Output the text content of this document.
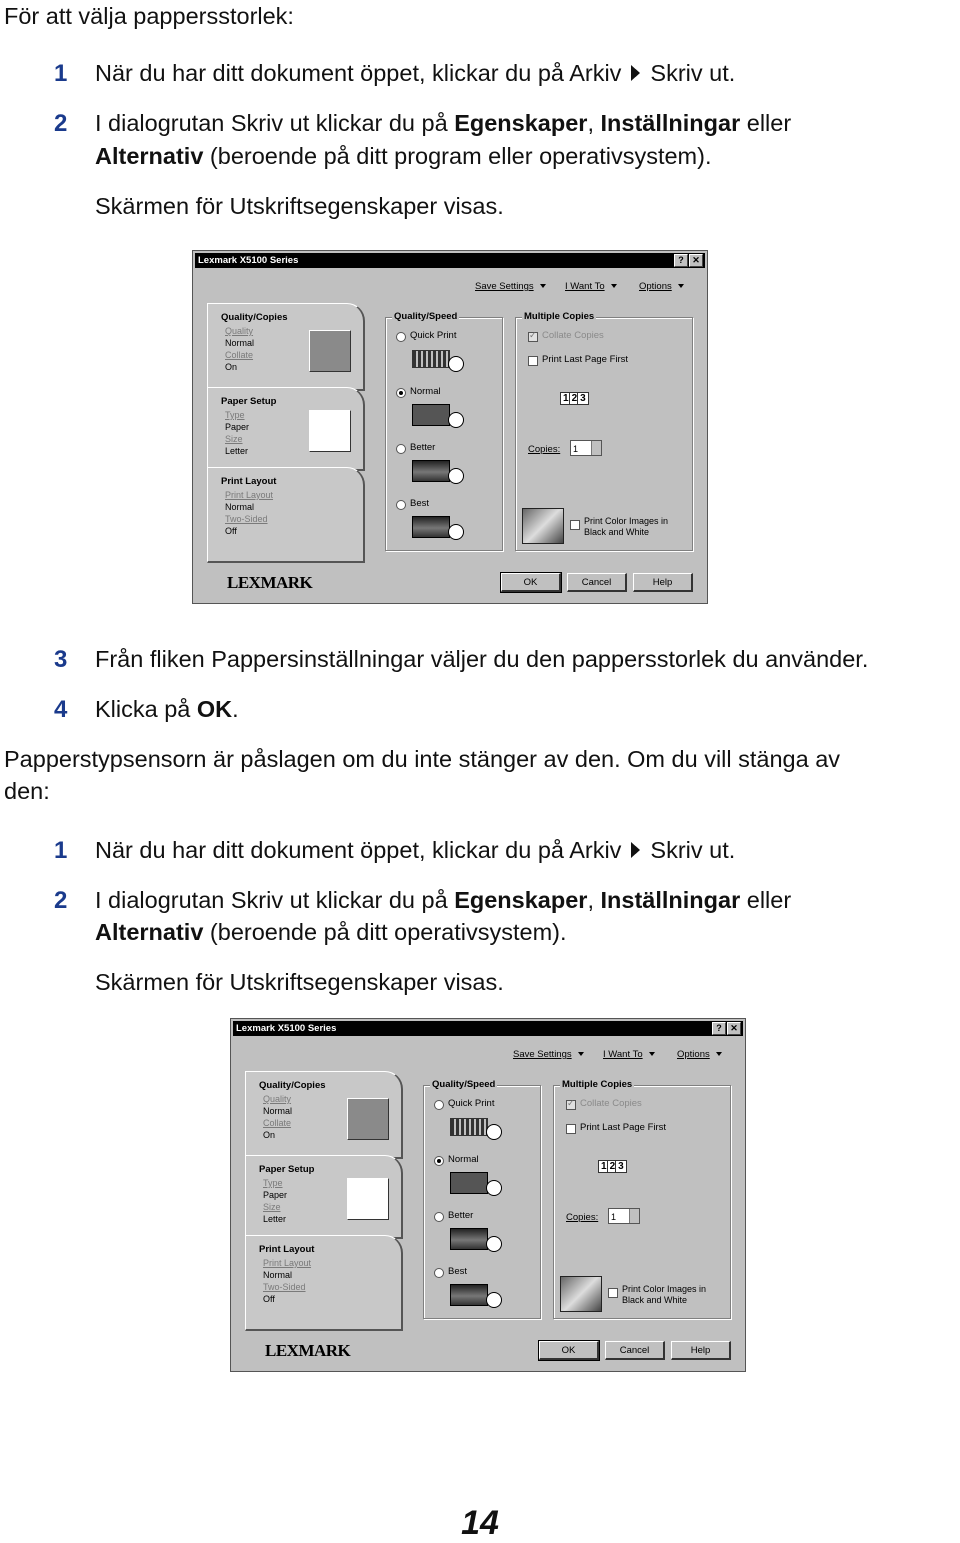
För att välja pappersstorlek:
1 När du har ditt dokument öppet, klickar du på Arkiv Skriv ut.
2 I dialogrutan Skriv ut klickar du på Egenskaper, Inställningar eller
Alternativ (beroende på ditt program eller operativsystem).
Skärmen för Utskriftsegenskaper visas.
Lexmark X5100 Series	? ✕
Save Settings	I Want To	Options
Quality/Copies
Quality
Normal
Collate
On
Paper Setup
Type
Paper
Size
Letter
Print Layout
Print Layout
Normal
Two-Sided
Off
Quality/Speed
Quick Print
Normal
Better
Best
Multiple Copies
✓
Collate Copies
Print Last Page First
1 2 3
Copies:	1
Print Color Images in Black and White
LEXMARK	OK	Cancel	Help
3 Från fliken Pappersinställningar väljer du den pappersstorlek du använder.
4 Klicka på OK.
Papperstypsensorn är påslagen om du inte stänger av den. Om du vill stänga av
den:
1 När du har ditt dokument öppet, klickar du på Arkiv Skriv ut.
2 I dialogrutan Skriv ut klickar du på Egenskaper, Inställningar eller
Alternativ (beroende på ditt operativsystem).
Skärmen för Utskriftsegenskaper visas.
Lexmark X5100 Series	? ✕
Save Settings	I Want To	Options
Quality/Copies
Quality
Normal
Collate
On
Paper Setup
Type
Paper
Size
Letter
Print Layout
Print Layout
Normal
Two-Sided
Off
Quality/Speed
Quick Print
Normal
Better
Best
Multiple Copies
✓
Collate Copies
Print Last Page First
1 2 3
Copies:	1
Print Color Images in Black and White
LEXMARK	OK	Cancel	Help
14
